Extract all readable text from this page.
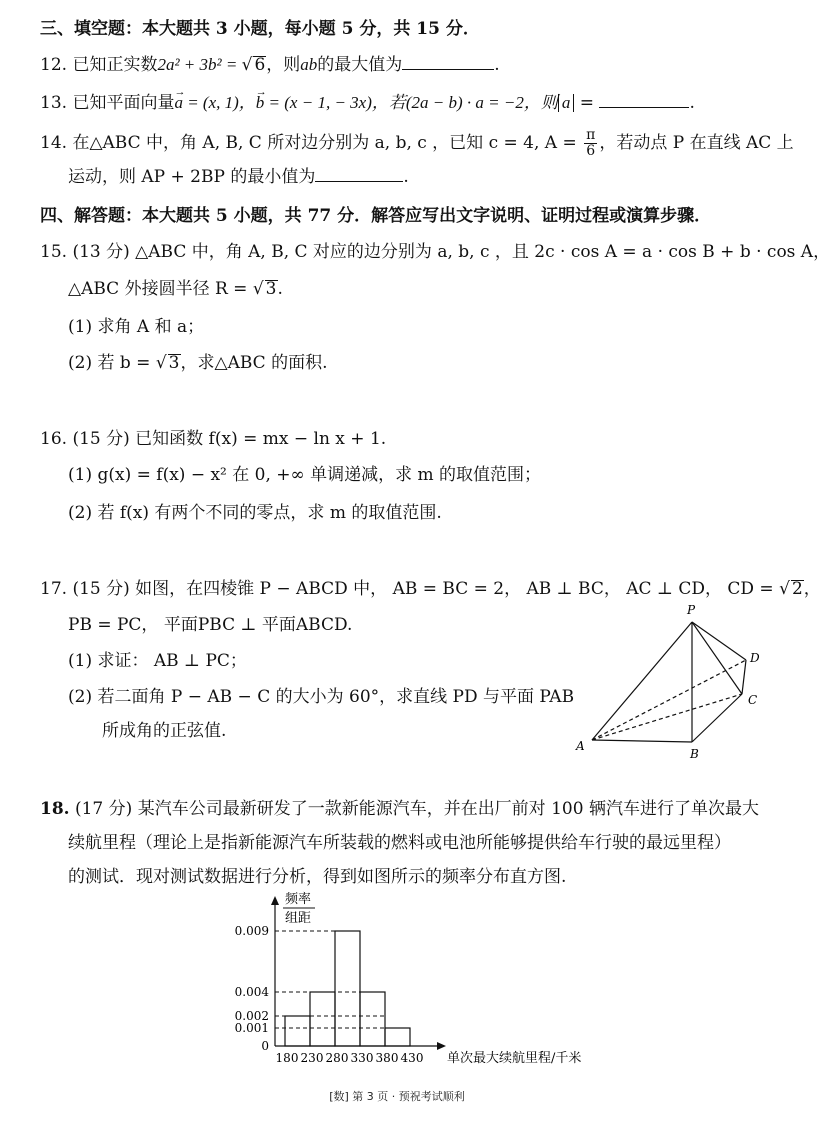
三、填空题：本大题共 3 小题，每小题 5 分，共 15 分．
12. 已知正实数2a² + 3b² = √ 6，则ab的最大值为	.
13. 已知平面向量→ a = (x, 1)，→ b = (x − 1, − 3x)，若(2a − b) · a = −2，则 a =	.
14. 在△ABC 中，角 A, B, C 所对边分别为 a, b, c ，已知 c = 4, $A = \frac{\pi}{6}$ ，若动点 P 在直线 AC 上
运动，则 AP + 2BP 的最小值为	.
四、解答题：本大题共 5 小题，共 77 分．解答应写出文字说明、证明过程或演算步骤．
15. (13 分) △ABC 中，角 A, B, C 对应的边分别为 a, b, c ，且 2c · cos A = a · cos B + b · cos A，
△ABC 外接圆半径 R = √ 3.
(1) 求角 A 和 a；
(2) 若 b = √ 3，求△ABC 的面积.
16. (15 分) 已知函数 f(x) = mx − ln x + 1.
(1) g(x) = f(x) − x² 在 0, +∞ 单调递减，求 m 的取值范围；
(2) 若 f(x) 有两个不同的零点，求 m 的取值范围.
17. (15 分) 如图，在四棱锥 P − ABCD 中， AB = BC = 2， AB ⊥ BC， AC ⊥ CD， CD = √ 2，
PB = PC， 平面PBC ⊥ 平面ABCD.
(1) 求证： AB ⊥ PC；
(2) 若二面角 P − AB − C 的大小为 60°，求直线 PD 与平面 PAB
所成角的正弦值.
P
D
C
A
B
18. (17 分) 某汽车公司最新研发了一款新能源汽车，并在出厂前对 100 辆汽车进行了单次最大
续航里程（理论上是指新能源汽车所装载的燃料或电池所能够提供给车行驶的最远里程）
的测试．现对测试数据进行分析，得到如图所示的频率分布直方图.
频率
组距
单次最大续航里程/千米
0
0.001
0.002
0.004
0.009
180 230 280 330 380 430
[数] 第 3 页 · 预祝考试顺利
